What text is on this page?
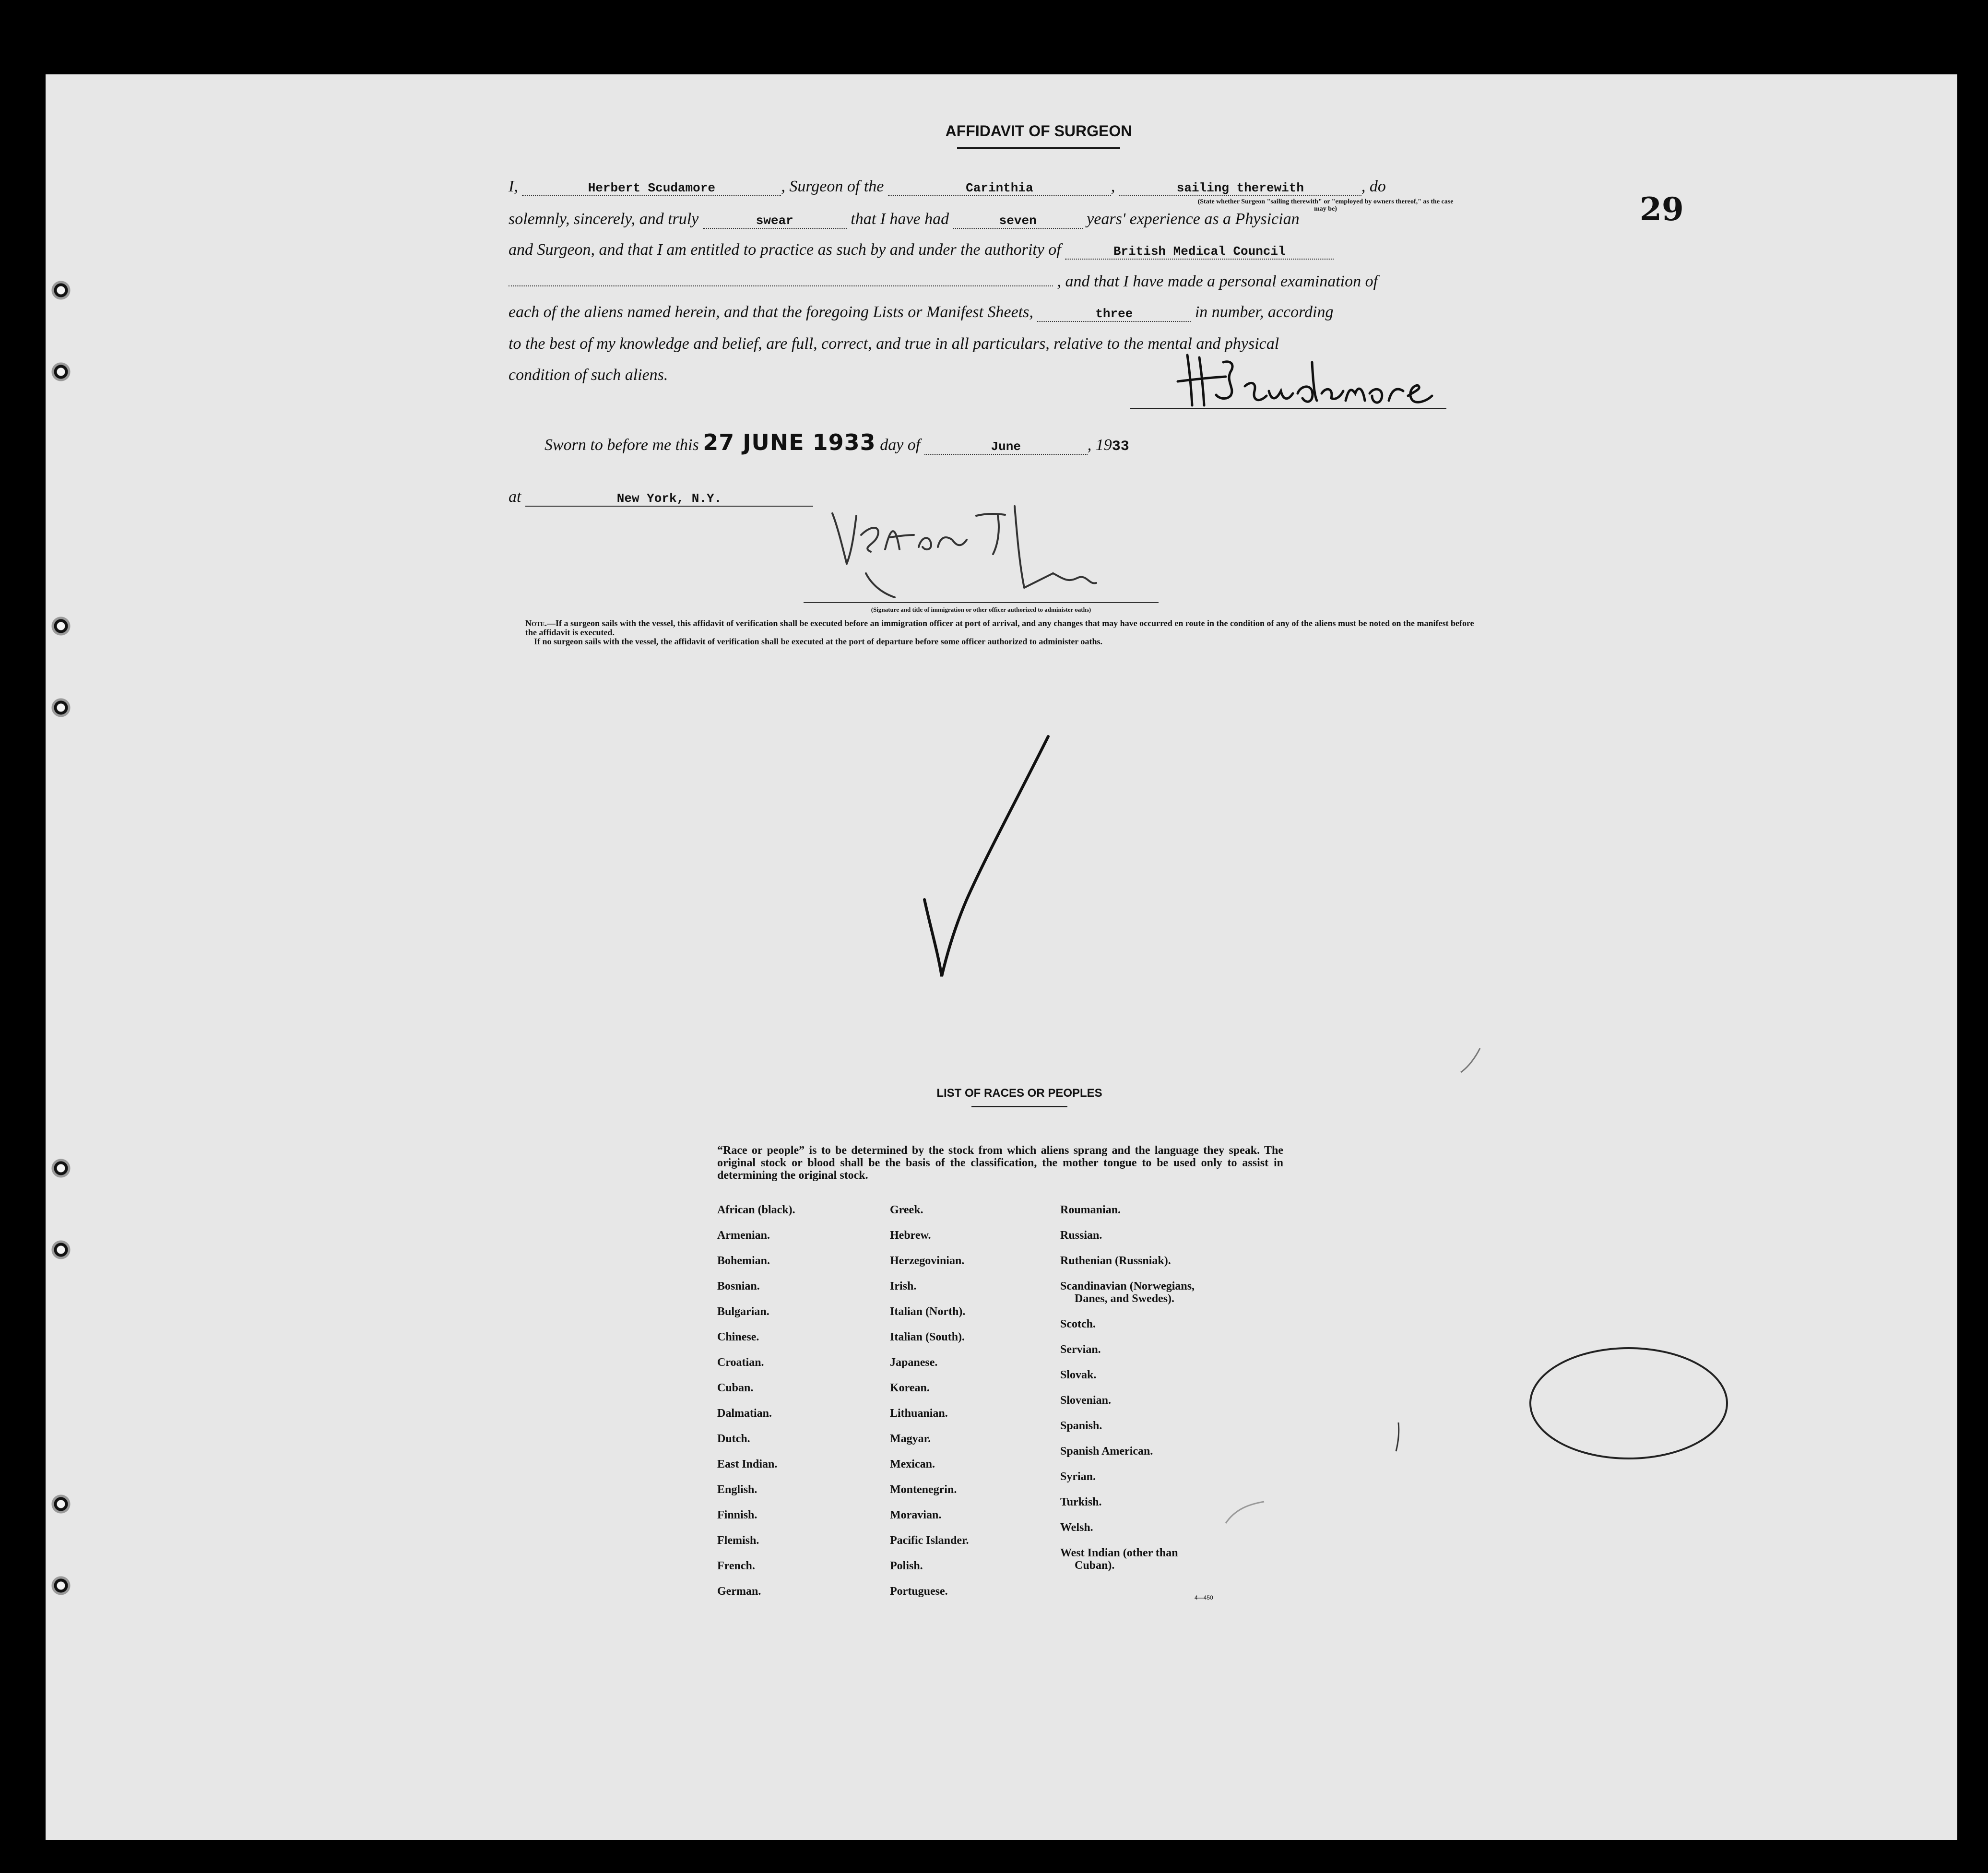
29
AFFIDAVIT OF SURGEON
I,	Herbert Scudamore	, Surgeon of the	Carinthia	,	sailing therewith	, do
(State whether Surgeon "sailing therewith" or "employed by owners thereof," as the case may be)
solemnly, sincerely, and truly	swear	that I have had	seven	years' experience as a Physician
and Surgeon, and that I am entitled to practice as such by and under the authority of	British Medical Council
, and that I have made a personal examination of
each of the aliens named herein, and that the foregoing Lists or Manifest Sheets,	three	in number, according
to the best of my knowledge and belief, are full, correct, and true in all particulars, relative to the mental and physical
condition of such aliens.
Sworn to before me this 27 JUNE 1933 day of	June	, 1933
at	New York, N.Y.
(Signature and title of immigration or other officer authorized to administer oaths)
Note.—If a surgeon sails with the vessel, this affidavit of verification shall be executed before an immigration officer at port of arrival, and any changes that may have occurred en route in the condition of any of the aliens must be noted on the manifest before the affidavit is executed.
If no surgeon sails with the vessel, the affidavit of verification shall be executed at the port of departure before some officer authorized to administer oaths.
LIST OF RACES OR PEOPLES
“Race or people” is to be determined by the stock from which aliens sprang and the language they speak. The original stock or blood shall be the basis of the classification, the mother tongue to be used only to assist in determining the original stock.
African (black).
Armenian.
Bohemian.
Bosnian.
Bulgarian.
Chinese.
Croatian.
Cuban.
Dalmatian.
Dutch.
East Indian.
English.
Finnish.
Flemish.
French.
German.
Greek.
Hebrew.
Herzegovinian.
Irish.
Italian (North).
Italian (South).
Japanese.
Korean.
Lithuanian.
Magyar.
Mexican.
Montenegrin.
Moravian.
Pacific Islander.
Polish.
Portuguese.
Roumanian.
Russian.
Ruthenian (Russniak).
Scandinavian (Norwegians,
Danes, and Swedes).
Scotch.
Servian.
Slovak.
Slovenian.
Spanish.
Spanish American.
Syrian.
Turkish.
Welsh.
West Indian (other than
Cuban).
4—450
